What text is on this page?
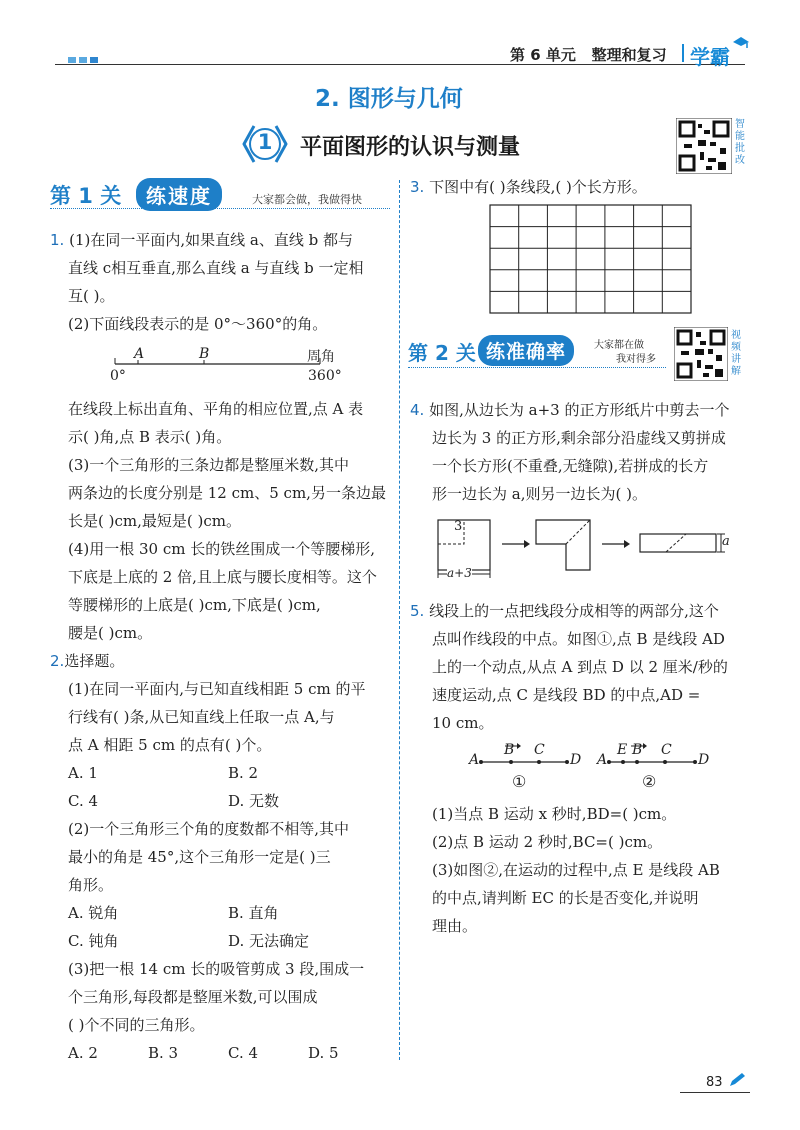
第 6 单元 整理和复习 学霸
2. 图形与几何
1	平面图形的认识与测量
智能批改
第 1 关	练速度	大家都会做，我做得快
1. (1)在同一平面内,如果直线 a、直线 b 都与
直线 c相互垂直,那么直线 a 与直线 b 一定相
互( )。
(2)下面线段表示的是 0°～360°的角。
A	B	周角
0°	360°
在线段上标出直角、平角的相应位置,点 A 表
示( )角,点 B 表示( )角。
(3)一个三角形的三条边都是整厘米数,其中
两条边的长度分别是 12 cm、5 cm,另一条边最
长是( )cm,最短是( )cm。
(4)用一根 30 cm 长的铁丝围成一个等腰梯形,
下底是上底的 2 倍,且上底与腰长度相等。这个
等腰梯形的上底是( )cm,下底是( )cm,
腰是( )cm。
2.选择题。
(1)在同一平面内,与已知直线相距 5 cm 的平
行线有( )条,从已知直线上任取一点 A,与
点 A 相距 5 cm 的点有( )个。
A. 1	B. 2
C. 4	D. 无数
(2)一个三角形三个角的度数都不相等,其中
最小的角是 45°,这个三角形一定是( )三
角形。
A. 锐角	B. 直角
C. 钝角	D. 无法确定
(3)把一根 14 cm 长的吸管剪成 3 段,围成一
个三角形,每段都是整厘米数,可以围成
( )个不同的三角形。
A. 2	B. 3	C. 4	D. 5
3. 下图中有( )条线段,( )个长方形。
第 2 关 练准确率	大家都在做
我对得多
视频讲解
4. 如图,从边长为 a+3 的正方形纸片中剪去一个
边长为 3 的正方形,剩余部分沿虚线又剪拼成
一个长方形(不重叠,无缝隙),若拼成的长方
形一边长为 a,则另一边长为( )。
3
a+3
a
5. 线段上的一点把线段分成相等的两部分,这个
点叫作线段的中点。如图①,点 B 是线段 AD
上的一个动点,从点 A 到点 D 以 2 厘米/秒的
速度运动,点 C 是线段 BD 的中点,AD =
10 cm。
A
B C
D
①
A
E B C
D
②
(1)当点 B 运动 x 秒时,BD=( )cm。
(2)点 B 运动 2 秒时,BC=( )cm。
(3)如图②,在运动的过程中,点 E 是线段 AB
的中点,请判断 EC 的长是否变化,并说明
理由。
83
